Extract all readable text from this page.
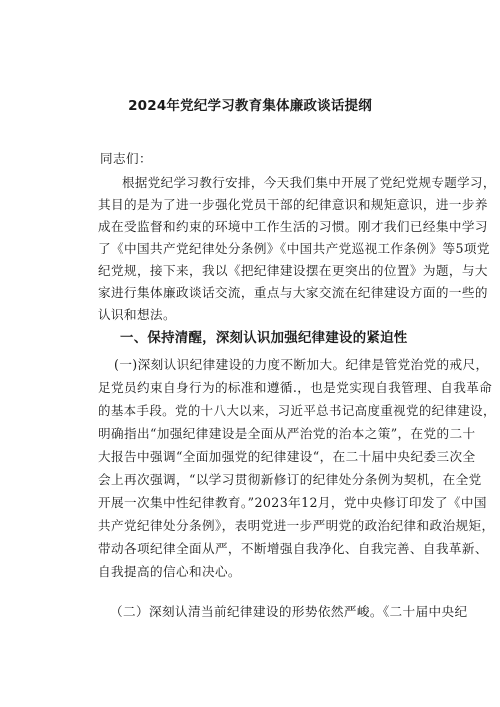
2024年党纪学习教育集体廉政谈话提纲
同志们：
根据党纪学习教行安排，今天我们集中开展了党纪党规专题学习，
其目的是为了进一步强化党员干部的纪律意识和规矩意识，进一步养
成在受监督和约束的环境中工作生活的习惯。刚才我们已经集中学习
了《中国共产党纪律处分条例》《中国共产党巡视工作条例》等5项党
纪党规，接下来，我以《把纪律建设摆在更突出的位置》为题，与大
家进行集体廉政谈话交流，重点与大家交流在纪律建设方面的一些的
认识和想法。
一、保持清醒，深刻认识加强纪律建设的紧迫性
(一)深刻认识纪律建设的力度不断加大。纪律是管党治党的戒尺，
足党员约束自身行为的标准和遵循.，也是党实现自我管理、自我革命
的基本手段。党的十八大以来，习近平总书记高度重视党的纪律建设，
明确指出“加强纪律建设是全面从严治党的治本之策”，在党的二十
大报告中强调“全面加强党的纪律建设“，在二十届中央纪委三次全
会上再次强调，“以学习贯彻新修订的纪律处分条例为契机，在全党
开展一次集中性纪律教育。”2023年12月，党中央修订印发了《中国
共产党纪律处分条例》，表明党进一步严明党的政治纪律和政治规矩，
带动各项纪律全面从严，不断增强自我净化、自我完善、自我革新、
自我提高的信心和决心。
（二）深刻认清当前纪律建设的形势依然严峻。《二十届中央纪
